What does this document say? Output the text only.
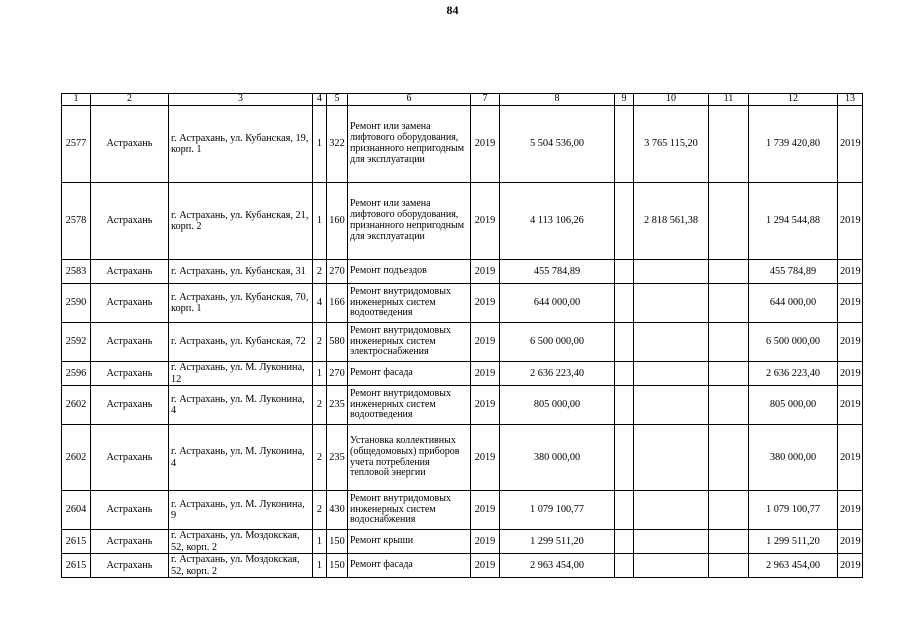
84
1	2	3	4	5	6	7	8	9	10	11	12	13
2577	Астрахань	г. Астрахань, ул. Кубанская, 19, корп. 1	1	322	Ремонт или замена лифтового оборудования, признанного непригодным для эксплуатации	2019	5 504 536,00		3 765 115,20		1 739 420,80	2019
2578	Астрахань	г. Астрахань, ул. Кубанская, 21, корп. 2	1	160	Ремонт или замена лифтового оборудования, признанного непригодным для эксплуатации	2019	4 113 106,26		2 818 561,38		1 294 544,88	2019
2583	Астрахань	г. Астрахань, ул. Кубанская, 31	2	270	Ремонт подъездов	2019	455 784,89				455 784,89	2019
2590	Астрахань	г. Астрахань, ул. Кубанская, 70, корп. 1	4	166	Ремонт внутридомовых инженерных систем водоотведения	2019	644 000,00				644 000,00	2019
2592	Астрахань	г. Астрахань, ул. Кубанская, 72	2	580	Ремонт внутридомовых инженерных систем электроснабжения	2019	6 500 000,00				6 500 000,00	2019
2596	Астрахань	г. Астрахань, ул. М. Луконина, 12	1	270	Ремонт фасада	2019	2 636 223,40				2 636 223,40	2019
2602	Астрахань	г. Астрахань, ул. М. Луконина, 4	2	235	Ремонт внутридомовых инженерных систем водоотведения	2019	805 000,00				805 000,00	2019
2602	Астрахань	г. Астрахань, ул. М. Луконина, 4	2	235	Установка коллективных (общедомовых) приборов учета потребления тепловой энергии	2019	380 000,00				380 000,00	2019
2604	Астрахань	г. Астрахань, ул. М. Луконина, 9	2	430	Ремонт внутридомовых инженерных систем водоснабжения	2019	1 079 100,77				1 079 100,77	2019
2615	Астрахань	г. Астрахань, ул. Моздокская, 52, корп. 2	1	150	Ремонт крыши	2019	1 299 511,20				1 299 511,20	2019
2615	Астрахань	г. Астрахань, ул. Моздокская, 52, корп. 2	1	150	Ремонт фасада	2019	2 963 454,00				2 963 454,00	2019
